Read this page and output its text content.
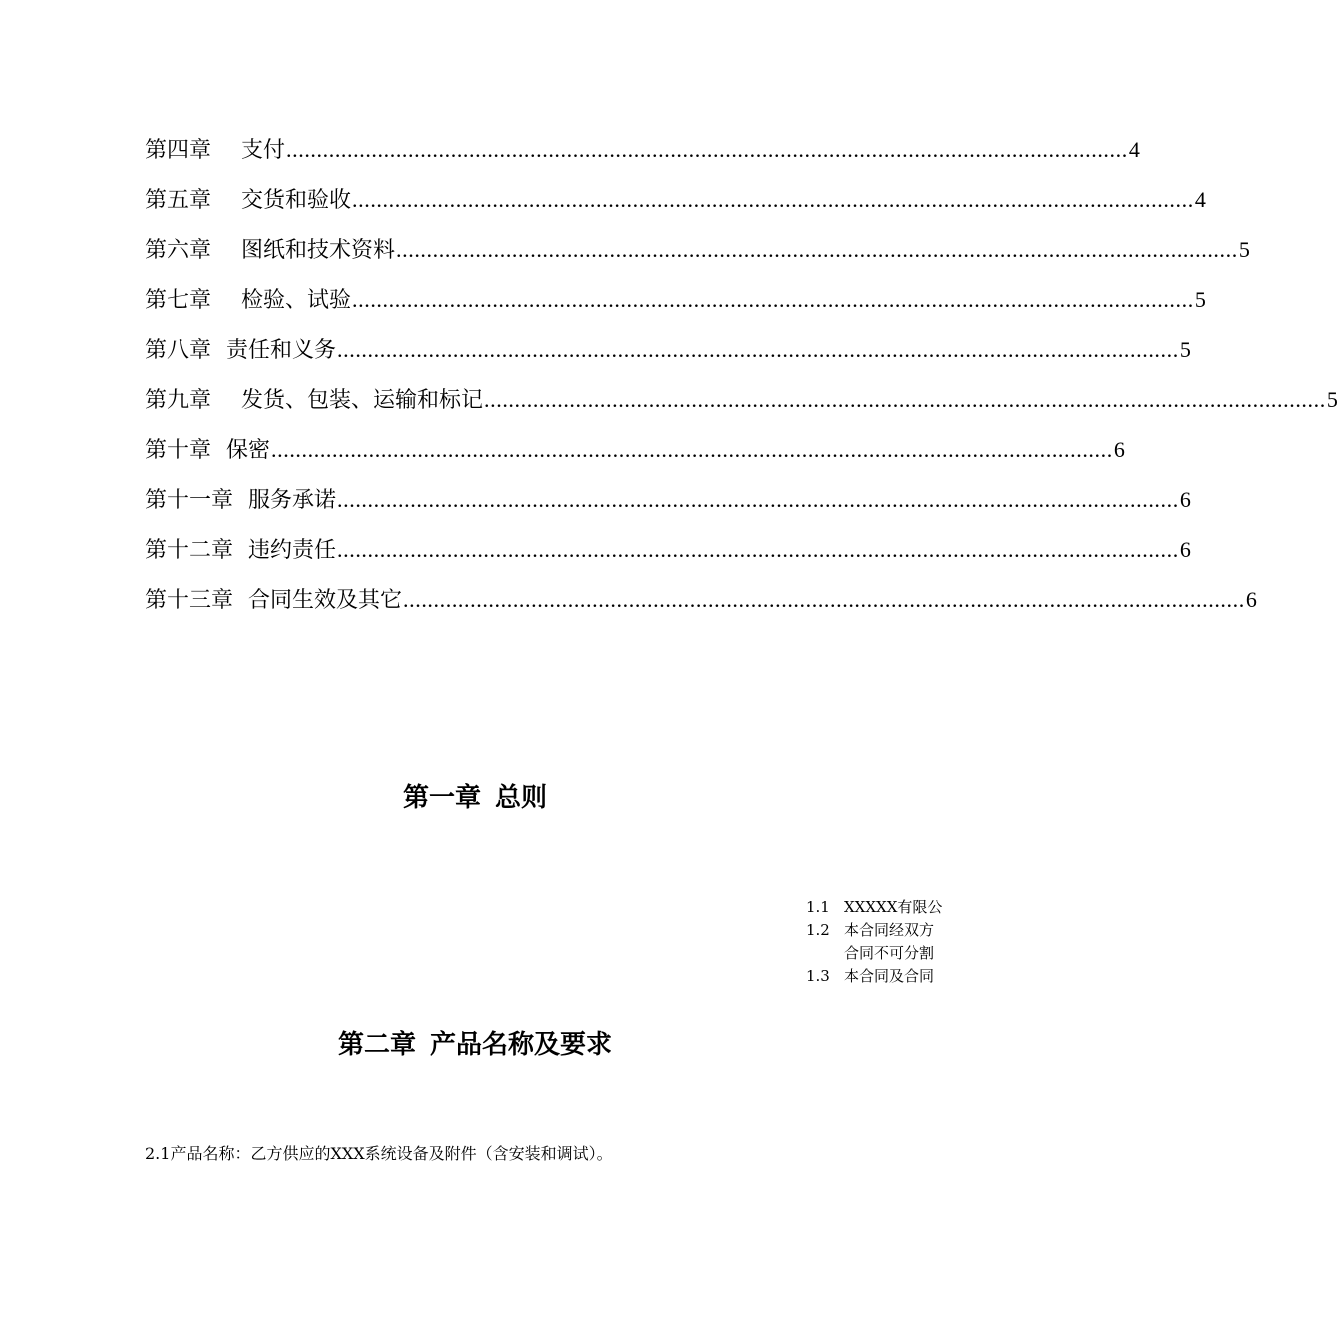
第四章 支付 .......................................................................................................................................... 4
第五章 交货和验收 .......................................................................................................................................... 4
第六章 图纸和技术资料 .......................................................................................................................................... 5
第七章 检验、试验 .......................................................................................................................................... 5
第八章 责任和义务 .......................................................................................................................................... 5
第九章 发货、包装、运输和标记 .......................................................................................................................................... 5
第十章 保密 .......................................................................................................................................... 6
第十一章 服务承诺 .......................................................................................................................................... 6
第十二章 违约责任 .......................................................................................................................................... 6
第十三章 合同生效及其它 .......................................................................................................................................... 6
第一章 总则
1.1 XXXXX有限公
1.2 本合同经双方
合同不可分割
1.3 本合同及合同
第二章 产品名称及要求
2.1产品名称：乙方供应的XXX系统设备及附件（含安装和调试）。
